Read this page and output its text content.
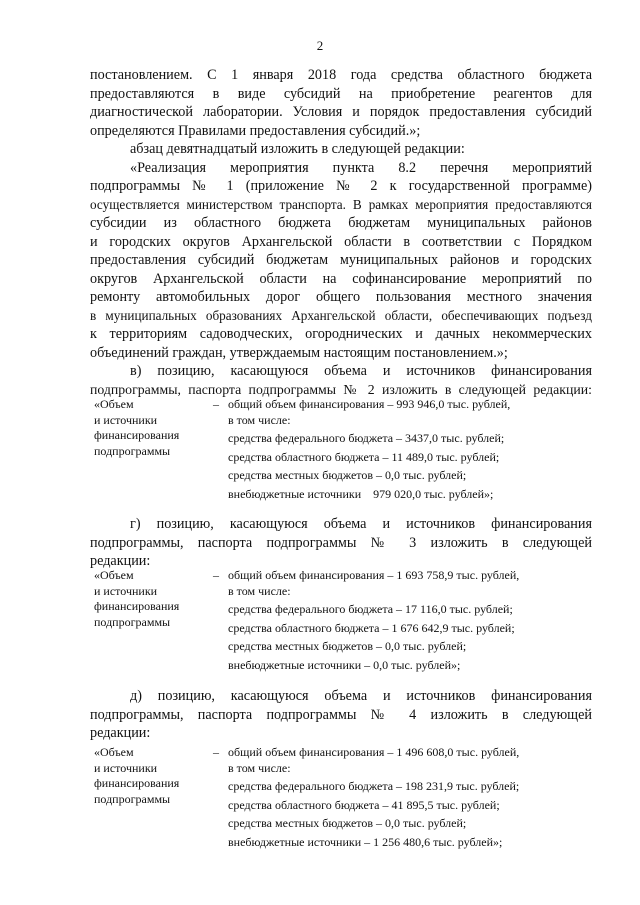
2
постановлением. С 1 января 2018 года средства областного бюджета
предоставляются в виде субсидий на приобретение реагентов для
диагностической лаборатории. Условия и порядок предоставления субсидий
определяются Правилами предоставления субсидий.»;
абзац девятнадцатый изложить в следующей редакции:
«Реализация мероприятия пункта 8.2 перечня мероприятий
подпрограммы № 1 (приложение № 2 к государственной программе)
осуществляется министерством транспорта. В рамках мероприятия предоставляются
субсидии из областного бюджета бюджетам муниципальных районов
и городских округов Архангельской области в соответствии с Порядком
предоставления субсидий бюджетам муниципальных районов и городских
округов Архангельской области на софинансирование мероприятий по
ремонту автомобильных дорог общего пользования местного значения
в муниципальных образованиях Архангельской области, обеспечивающих подъезд
к территориям садоводческих, огороднических и дачных некоммерческих
объединений граждан, утверждаемым настоящим постановлением.»;
в) позицию, касающуюся объема и источников финансирования
подпрограммы, паспорта подпрограммы № 2 изложить в следующей редакции:
«Объем
и источники
финансирования
подпрограммы
– общий объем финансирования – 993 946,0 тыс. рублей,
в том числе:
средства федерального бюджета – 3437,0 тыс. рублей;
средства областного бюджета – 11 489,0 тыс. рублей;
средства местных бюджетов – 0,0 тыс. рублей;
внебюджетные источники    979 020,0 тыс. рублей»;
г) позицию, касающуюся объема и источников финансирования
подпрограммы, паспорта подпрограммы № 3 изложить в следующей
редакции:
«Объем
и источники
финансирования
подпрограммы
– общий объем финансирования – 1 693 758,9 тыс. рублей,
в том числе:
средства федерального бюджета – 17 116,0 тыс. рублей;
средства областного бюджета – 1 676 642,9 тыс. рублей;
средства местных бюджетов – 0,0 тыс. рублей;
внебюджетные источники – 0,0 тыс. рублей»;
д) позицию, касающуюся объема и источников финансирования
подпрограммы, паспорта подпрограммы № 4 изложить в следующей
редакции:
«Объем
и источники
финансирования
подпрограммы
– общий объем финансирования – 1 496 608,0 тыс. рублей,
в том числе:
средства федерального бюджета – 198 231,9 тыс. рублей;
средства областного бюджета – 41 895,5 тыс. рублей;
средства местных бюджетов – 0,0 тыс. рублей;
внебюджетные источники – 1 256 480,6 тыс. рублей»;
